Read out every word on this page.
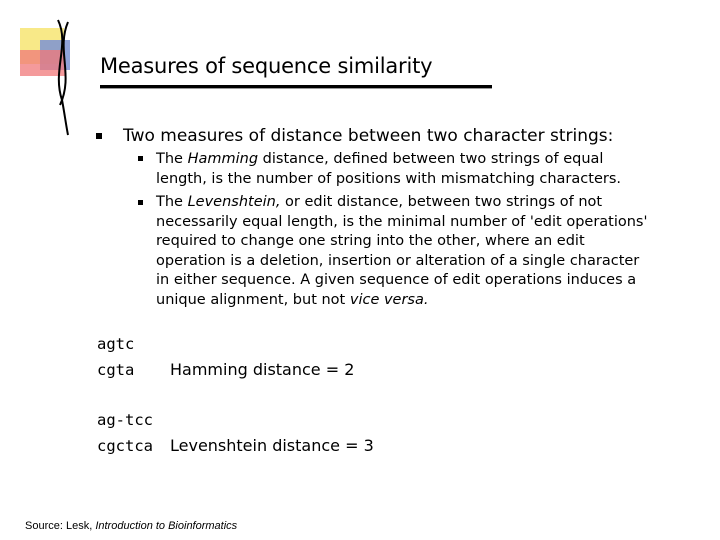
Measures of sequence similarity
Two measures of distance between two character strings:
The Hamming distance, defined between two strings of equal length, is the number of positions with mismatching characters.
The Levenshtein, or edit distance, between two strings of not necessarily equal length, is the minimal number of 'edit operations' required to change one string into the other, where an edit operation is a deletion, insertion or alteration of a single character in either sequence. A given sequence of edit operations induces a unique alignment, but not vice versa.
agtc
cgta Hamming distance = 2
ag-tcc
cgctca Levenshtein distance = 3
Source: Lesk, Introduction to Bioinformatics
